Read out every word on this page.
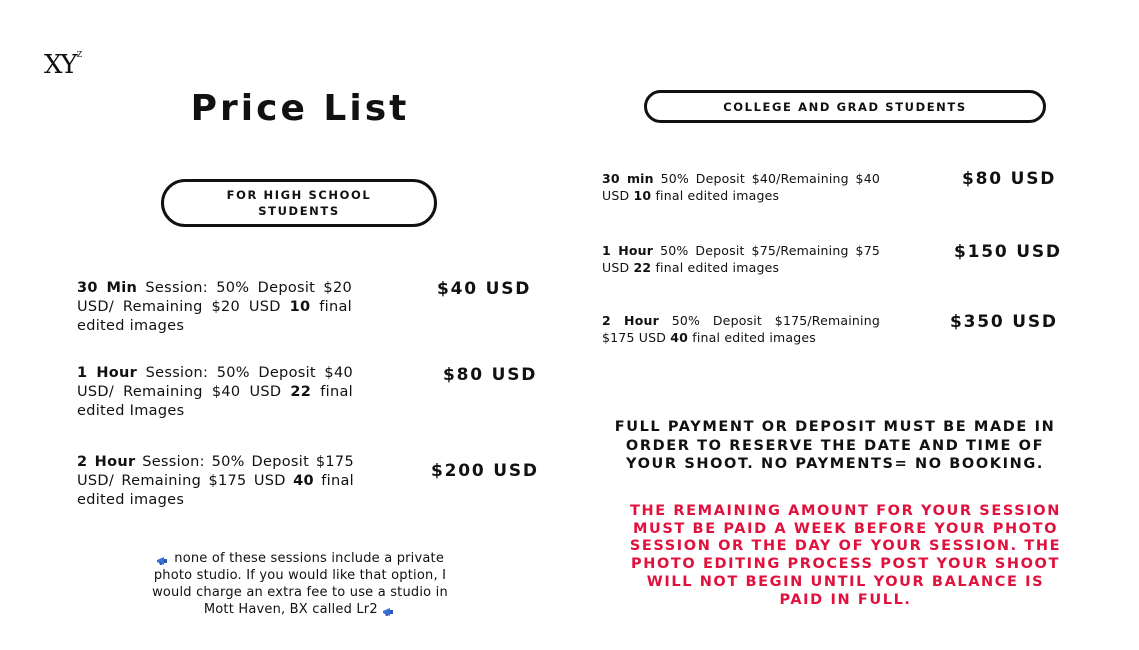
$XY^Z$
Price List
FOR HIGH SCHOOL STUDENTS
30 Min Session: 50% Deposit $20 USD/ Remaining $20 USD 10 final edited images
$40 USD
1 Hour Session: 50% Deposit $40 USD/ Remaining $40 USD 22 final edited Images
$80 USD
2 Hour Session: 50% Deposit $175 USD/ Remaining $175 USD 40 final edited images
$200 USD
none of these sessions include a private photo studio. If you would like that option, I would charge an extra fee to use a studio in Mott Haven, BX called Lr2
COLLEGE AND GRAD STUDENTS
30 min 50% Deposit $40/Remaining $40 USD 10 final edited images
$80 USD
1 Hour 50% Deposit $75/Remaining $75 USD 22 final edited images
$150 USD
2 Hour 50% Deposit $175/Remaining $175 USD 40 final edited images
$350 USD
FULL PAYMENT OR DEPOSIT MUST BE MADE IN ORDER TO RESERVE THE DATE AND TIME OF YOUR SHOOT. NO PAYMENTS= NO BOOKING.
THE REMAINING AMOUNT FOR YOUR SESSION MUST BE PAID A WEEK BEFORE YOUR PHOTO SESSION OR THE DAY OF YOUR SESSION. THE PHOTO EDITING PROCESS POST YOUR SHOOT WILL NOT BEGIN UNTIL YOUR BALANCE IS PAID IN FULL.
